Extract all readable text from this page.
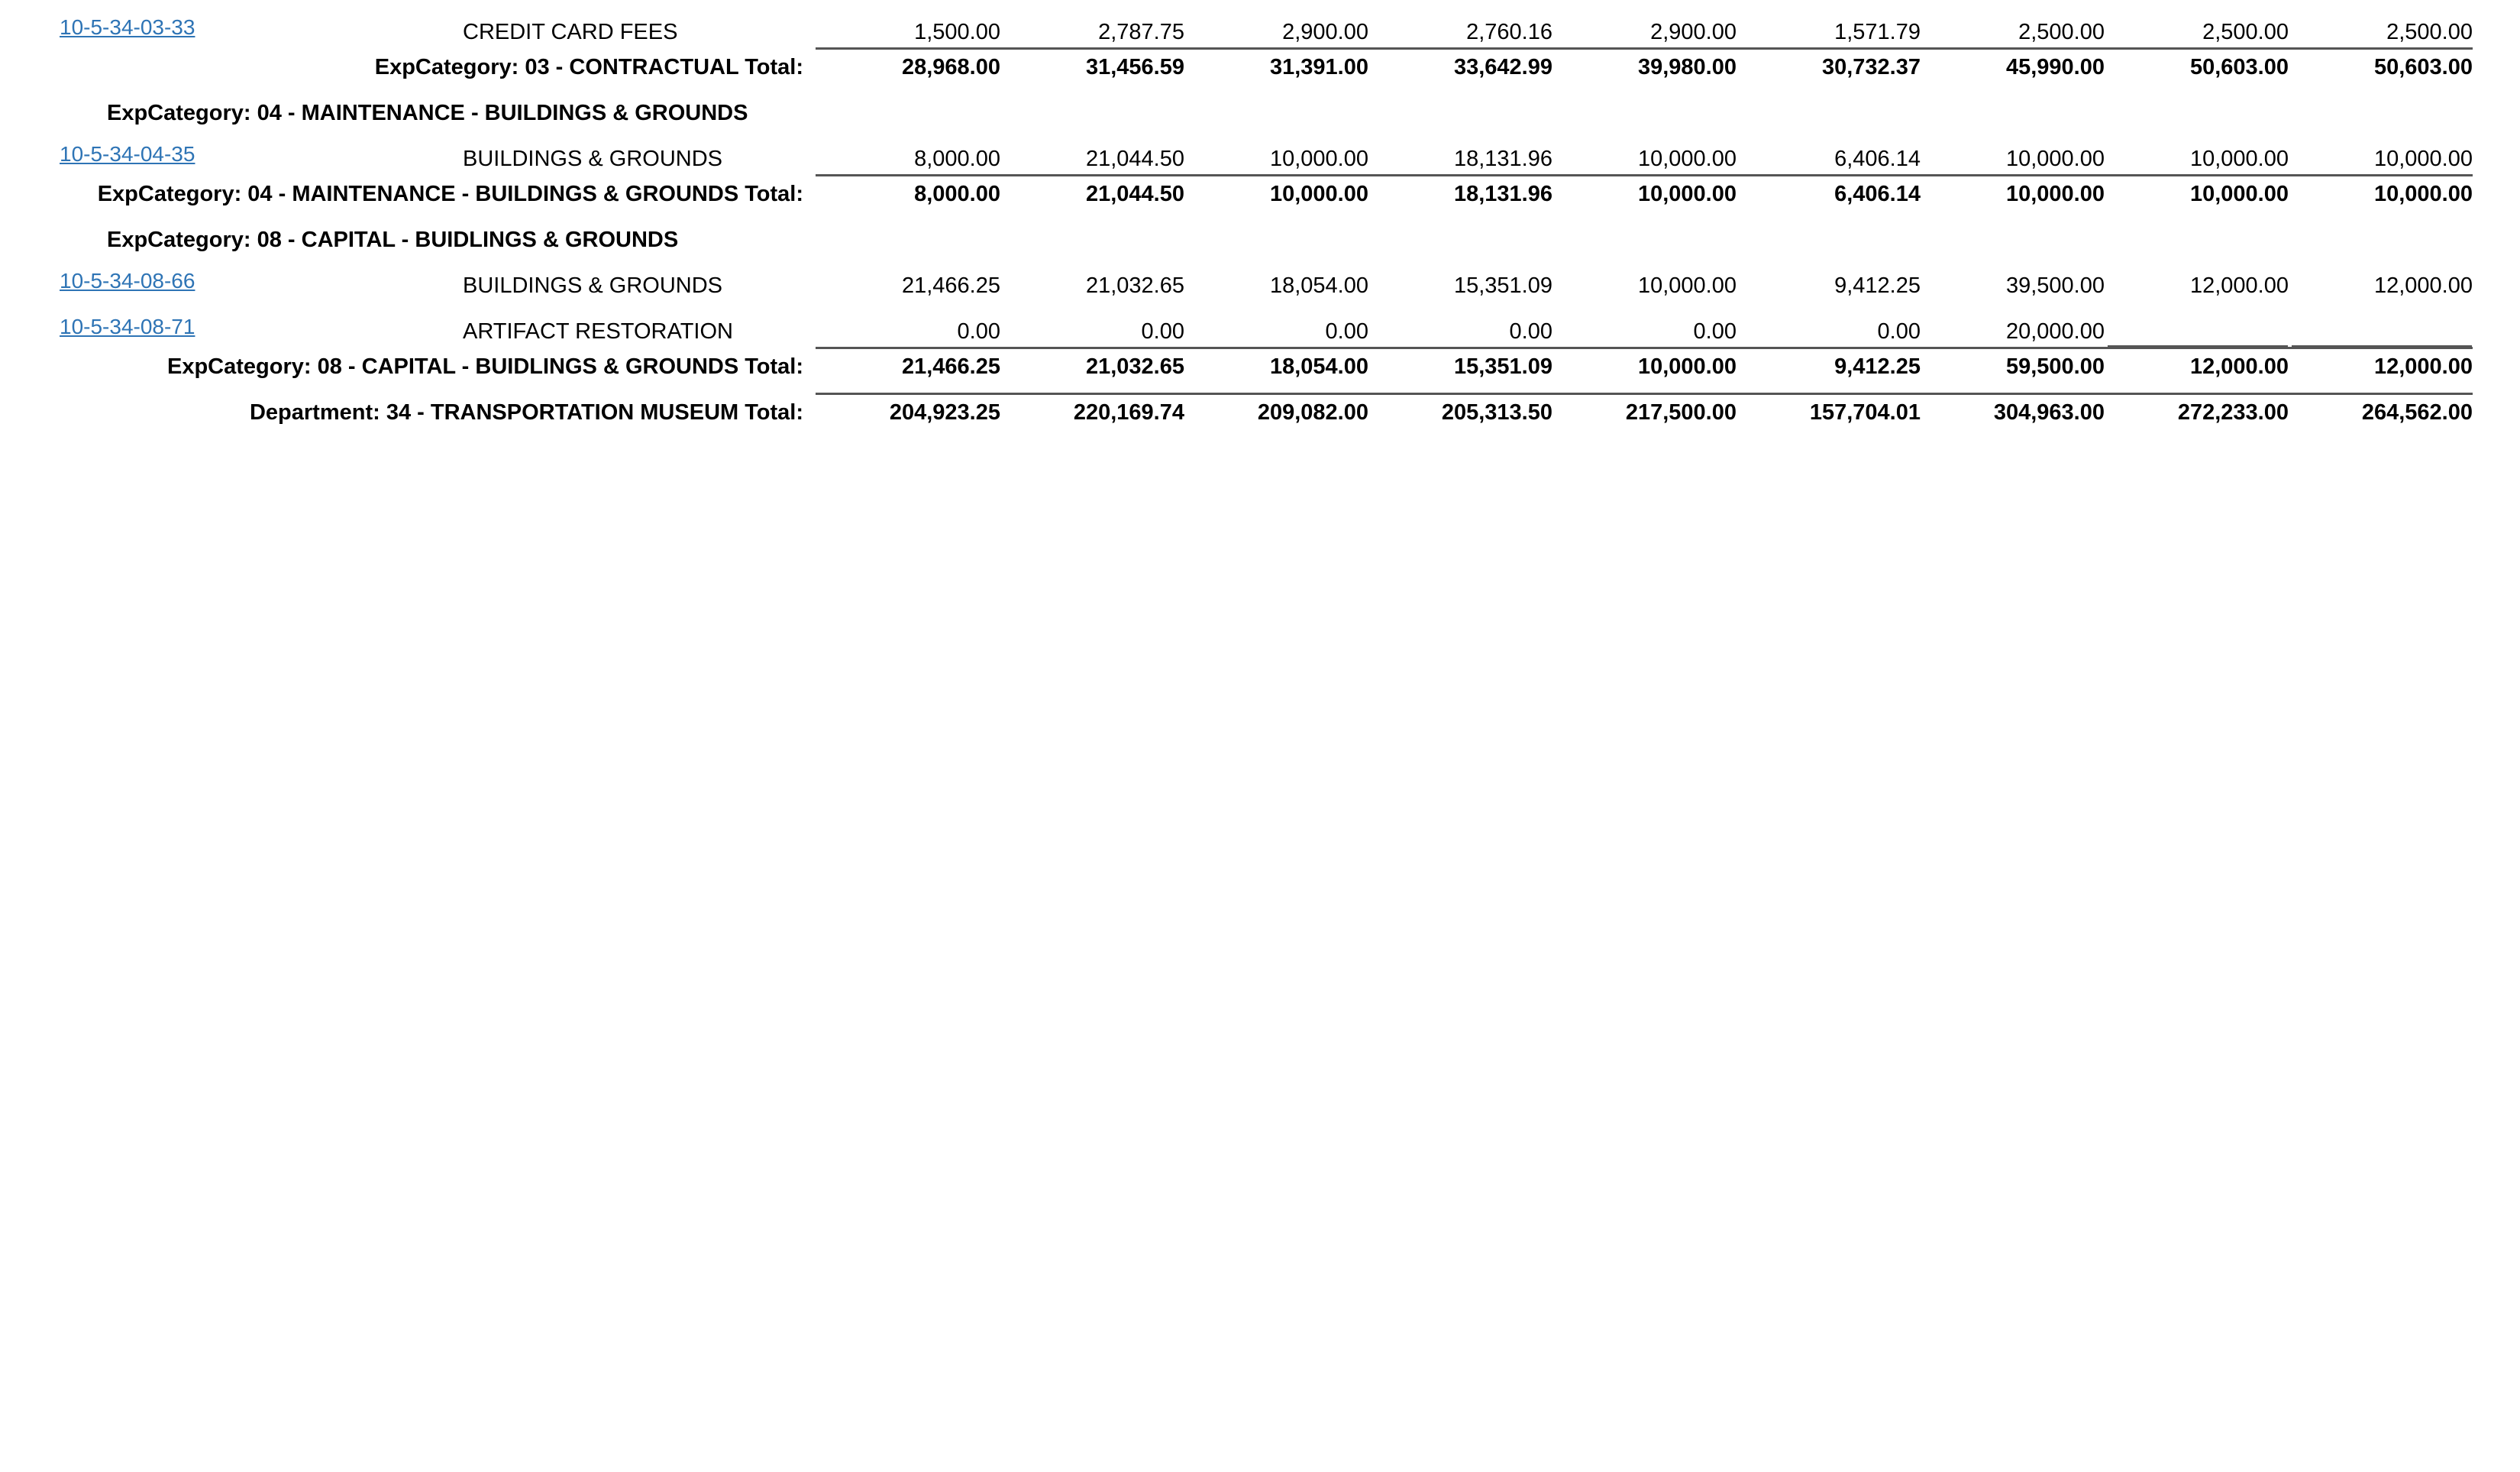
10-5-34-03-33	CREDIT CARD FEES	1,500.00	2,787.75	2,900.00	2,760.16	2,900.00	1,571.79	2,500.00	2,500.00	2,500.00
ExpCategory: 03 - CONTRACTUAL Total:	28,968.00	31,456.59	31,391.00	33,642.99	39,980.00	30,732.37	45,990.00	50,603.00	50,603.00
ExpCategory: 04 - MAINTENANCE - BUILDINGS & GROUNDS
10-5-34-04-35	BUILDINGS & GROUNDS	8,000.00	21,044.50	10,000.00	18,131.96	10,000.00	6,406.14	10,000.00	10,000.00	10,000.00
ExpCategory: 04 - MAINTENANCE - BUILDINGS & GROUNDS Total:	8,000.00	21,044.50	10,000.00	18,131.96	10,000.00	6,406.14	10,000.00	10,000.00	10,000.00
ExpCategory: 08 - CAPITAL - BUIDLINGS & GROUNDS
10-5-34-08-66	BUILDINGS & GROUNDS	21,466.25	21,032.65	18,054.00	15,351.09	10,000.00	9,412.25	39,500.00	12,000.00	12,000.00
10-5-34-08-71	ARTIFACT RESTORATION	0.00	0.00	0.00	0.00	0.00	0.00	20,000.00
ExpCategory: 08 - CAPITAL - BUIDLINGS & GROUNDS Total:	21,466.25	21,032.65	18,054.00	15,351.09	10,000.00	9,412.25	59,500.00	12,000.00	12,000.00
Department: 34 - TRANSPORTATION MUSEUM Total:	204,923.25	220,169.74	209,082.00	205,313.50	217,500.00	157,704.01	304,963.00	272,233.00	264,562.00
